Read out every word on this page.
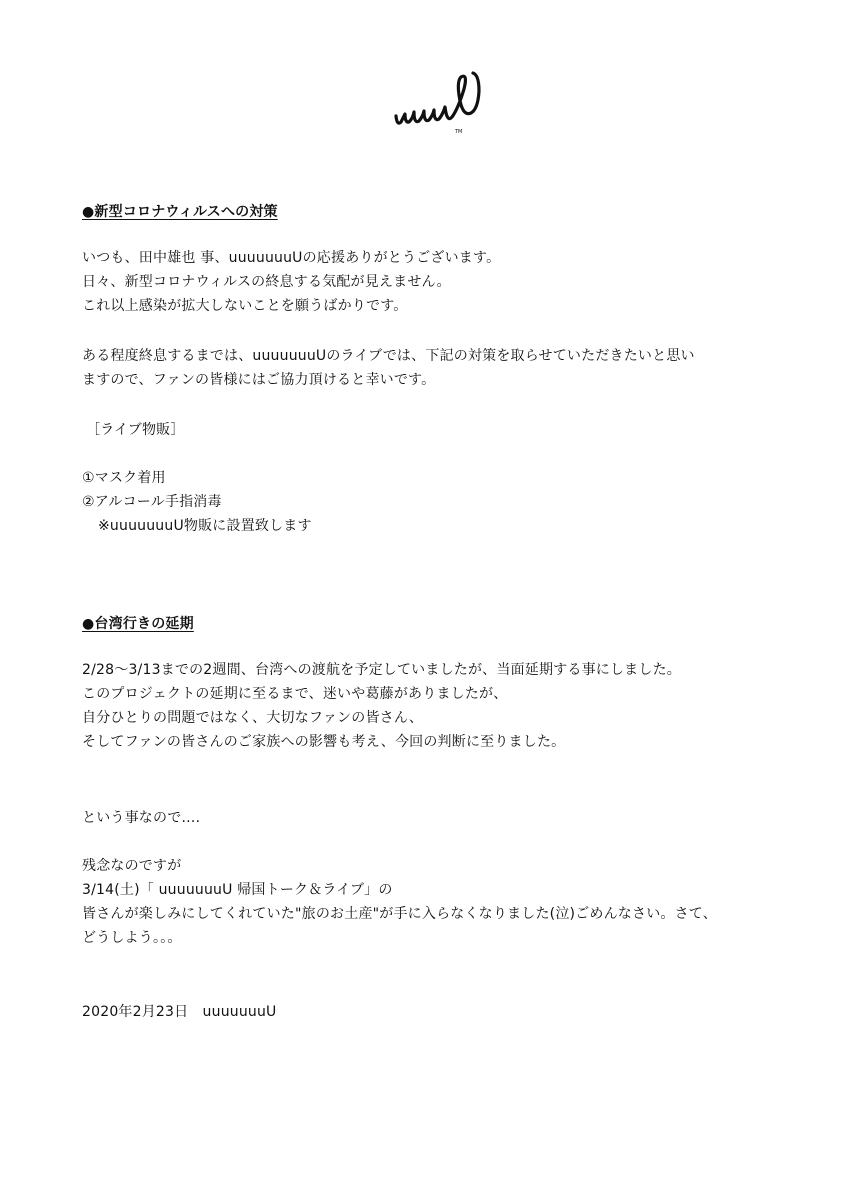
TM
●新型コロナウィルスへの対策
いつも、田中雄也 事、uuuuuuuUの応援ありがとうございます。
日々、新型コロナウィルスの終息する気配が見えません。
これ以上感染が拡大しないことを願うばかりです。
ある程度終息するまでは、uuuuuuuUのライブでは、下記の対策を取らせていただきたいと思い
ますので、ファンの皆様にはご協力頂けると幸いです。
［ライブ物販］
①マスク着用
②アルコール手指消毒
※uuuuuuuU物販に設置致します
●台湾行きの延期
2/28〜3/13までの2週間、台湾への渡航を予定していましたが、当面延期する事にしました。
このプロジェクトの延期に至るまで、迷いや葛藤がありましたが、
自分ひとりの問題ではなく、大切なファンの皆さん、
そしてファンの皆さんのご家族への影響も考え、今回の判断に至りました。
という事なので….
残念なのですが
3/14(土)「 uuuuuuuU 帰国トーク＆ライブ」の
皆さんが楽しみにしてくれていた"旅のお土産"が手に入らなくなりました(泣)ごめんなさい。さて、
どうしよう。。。
2020年2月23日　uuuuuuuU
